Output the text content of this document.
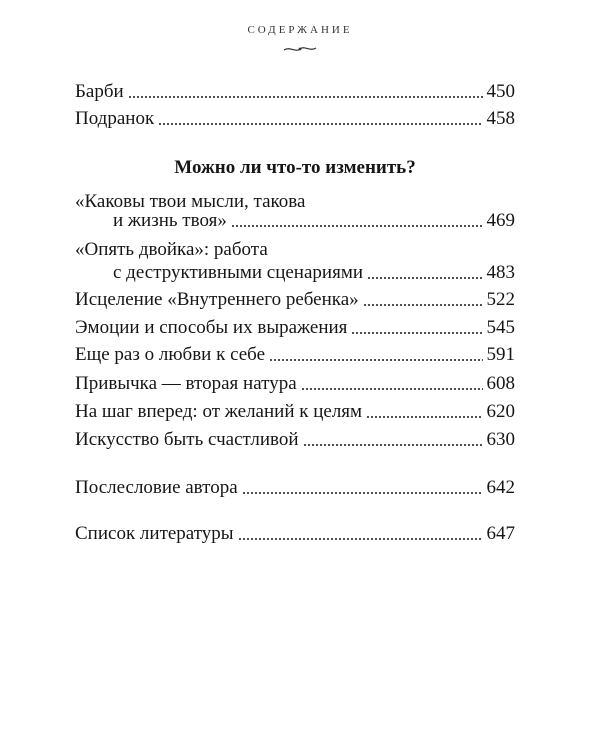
СОДЕРЖАНИЕ
Барби	450
Подранок	458
Можно ли что-то изменить?
«Каковы твои мысли, такова
и жизнь твоя»	469
«Опять двойка»: работа
с деструктивными сценариями	483
Исцеление «Внутреннего ребенка»	522
Эмоции и способы их выражения	545
Еще раз о любви к себе	591
Привычка — вторая натура	608
На шаг вперед: от желаний к целям	620
Искусство быть счастливой	630
Послесловие автора	642
Список литературы	647
